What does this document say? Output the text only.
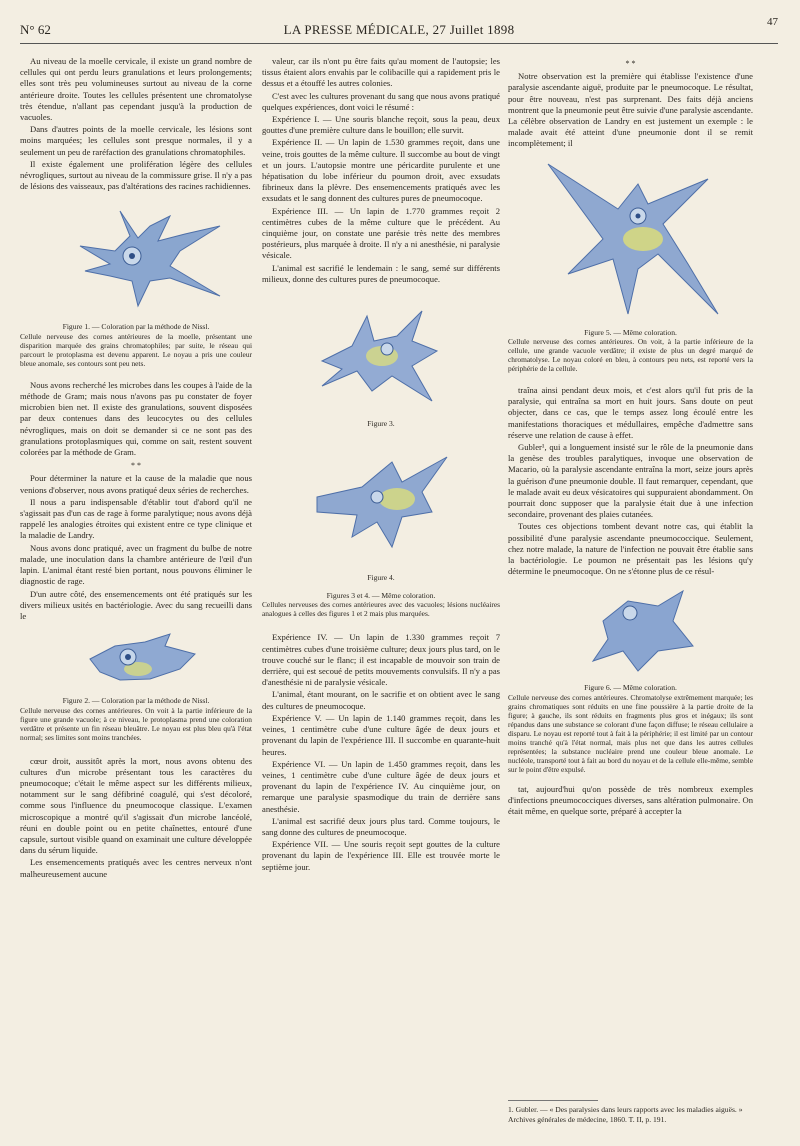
N° 62	LA PRESSE MÉDICALE, 27 Juillet 1898	47

Au niveau de la moelle cervicale, il existe un grand nombre de cellules qui ont perdu leurs granulations et leurs prolongements; elles sont très peu volumineuses surtout au niveau de la corne antérieure droite. Toutes les cellules présentent une chromatolyse très étendue, n'allant pas cependant jusqu'à la production de vacuoles.

Dans d'autres points de la moelle cervicale, les lésions sont moins marquées; les cellules sont presque normales, il y a seulement un peu de raréfaction des granulations chromatophiles.

Il existe également une prolifération légère des cellules névrogliques, surtout au niveau de la commissure grise. Il n'y a pas de lésions des vaisseaux, pas d'altérations des racines rachidiennes.

Figure 1. — Coloration par la méthode de Nissl.
Cellule nerveuse des cornes antérieures de la moelle, présentant une disparition marquée des grains chromatophiles; par suite, le réseau qui parcourt le protoplasma est devenu apparent. Le noyau a pris une couleur bleue anomale, ses contours sont peu nets.

Nous avons recherché les microbes dans les coupes à l'aide de la méthode de Gram; mais nous n'avons pas pu constater de foyer microbien bien net. Il existe des granulations, souvent disposées par deux contenues dans des leucocytes ou des cellules névrogliques, mais on doit se demander si ce ne sont pas des granulations protoplasmiques qui, comme on sait, restent souvent colorées par la méthode de Gram.

* *

Pour déterminer la nature et la cause de la maladie que nous venions d'observer, nous avons pratiqué deux séries de recherches.

Il nous a paru indispensable d'établir tout d'abord qu'il ne s'agissait pas d'un cas de rage à forme paralytique; nous avons déjà rappelé les analogies étroites qui existent entre ce type clinique et la maladie de Landry.

Nous avons donc pratiqué, avec un fragment du bulbe de notre malade, une inoculation dans la chambre antérieure de l'œil d'un lapin. L'animal étant resté bien portant, nous pouvons éliminer le diagnostic de rage.

D'un autre côté, des ensemencements ont été pratiqués sur les divers milieux usités en bactériologie. Avec du sang recueilli dans le

Figure 2. — Coloration par la méthode de Nissl.
Cellule nerveuse des cornes antérieures. On voit à la partie inférieure de la figure une grande vacuole; à ce niveau, le protoplasma prend une coloration verdâtre et présente un fin réseau bleuâtre. Le noyau est plus bleu qu'à l'état normal; ses limites sont moins tranchées.

cœur droit, aussitôt après la mort, nous avons obtenu des cultures d'un microbe présentant tous les caractères du pneumocoque; c'était le même aspect sur les différents milieux, notamment sur le sang défibriné coagulé, qui s'est décoloré, comme sous l'influence du pneumocoque classique. L'examen microscopique a montré qu'il s'agissait d'un microbe lancéolé, réuni en double point ou en petite chaînettes, entouré d'une capsule, surtout visible quand on examinait une culture développée dans du sérum liquide.

Les ensemencements pratiqués avec les centres nerveux n'ont malheureusement aucune

valeur, car ils n'ont pu être faits qu'au moment de l'autopsie; les tissus étaient alors envahis par le colibacille qui a rapidement pris le dessus et a étouffé les autres colonies.

C'est avec les cultures provenant du sang que nous avons pratiqué quelques expériences, dont voici le résumé :

Expérience I. — Une souris blanche reçoit, sous la peau, deux gouttes d'une première culture dans le bouillon; elle survit.

Expérience II. — Un lapin de 1.530 grammes reçoit, dans une veine, trois gouttes de la même culture. Il succombe au bout de vingt et un jours. L'autopsie montre une péricardite purulente et une hépatisation du lobe inférieur du poumon droit, avec exsudats fibrineux dans la plèvre. Des ensemencements pratiqués avec les exsudats et le sang donnent des cultures pures de pneumocoque.

Expérience III. — Un lapin de 1.770 grammes reçoit 2 centimètres cubes de la même culture que le précédent. Au cinquième jour, on constate une parésie très nette des membres postérieurs, plus marquée à droite. Il n'y a ni anesthésie, ni paralysie vésicale.

L'animal est sacrifié le lendemain : le sang, semé sur différents milieux, donne des cultures pures de pneumocoque.

Figure 3.
Figure 4.
Figures 3 et 4. — Même coloration.
Cellules nerveuses des cornes antérieures avec des vacuoles; lésions nucléaires analogues à celles des figures 1 et 2 mais plus marquées.

Expérience IV. — Un lapin de 1.330 grammes reçoit 7 centimètres cubes d'une troisième culture; deux jours plus tard, on le trouve couché sur le flanc; il est incapable de mouvoir son train de derrière, qui est secoué de petits mouvements convulsifs. Il n'y a pas d'anesthésie ni de paralysie vésicale.

L'animal, étant mourant, on le sacrifie et on obtient avec le sang des cultures de pneumocoque.

Expérience V. — Un lapin de 1.140 grammes reçoit, dans les veines, 1 centimètre cube d'une culture âgée de deux jours et provenant du lapin de l'expérience III. Il succombe en quarante-huit heures.

Expérience VI. — Un lapin de 1.450 grammes reçoit, dans les veines, 1 centimètre cube d'une culture âgée de deux jours et provenant du lapin de l'expérience IV. Au cinquième jour, on remarque une paralysie spasmodique du train de derrière sans anesthésie.

L'animal est sacrifié deux jours plus tard. Comme toujours, le sang donne des cultures de pneumocoque.

Expérience VII. — Une souris reçoit sept gouttes de la culture provenant du lapin de l'expérience III. Elle est trouvée morte le septième jour.

* *

Notre observation est la première qui établisse l'existence d'une paralysie ascendante aiguë, produite par le pneumocoque. Le résultat, pour être nouveau, n'est pas surprenant. Des faits déjà anciens montrent que la pneumonie peut être suivie d'une paralysie ascendante. La célèbre observation de Landry en est justement un exemple : le malade avait été atteint d'une pneumonie dont il se remit incomplètement; il

Figure 5. — Même coloration.
Cellule nerveuse des cornes antérieures. On voit, à la partie inférieure de la cellule, une grande vacuole verdâtre; il existe de plus un degré marqué de chromatolyse. Le noyau coloré en bleu, à contours peu nets, est reporté vers la périphérie de la cellule.

traîna ainsi pendant deux mois, et c'est alors qu'il fut pris de la paralysie, qui entraîna sa mort en huit jours. Sans doute on peut objecter, dans ce cas, que le temps assez long écoulé entre les manifestations thoraciques et médullaires, empêche d'admettre sans réserve une relation de cause à effet.

Gubler¹, qui a longuement insisté sur le rôle de la pneumonie dans la genèse des troubles paralytiques, invoque une observation de Macario, où la paralysie ascendante entraîna la mort, seize jours après la guérison d'une pneumonie double. Il faut remarquer, cependant, que le malade avait eu deux vésicatoires qui suppuraient abondamment. On pourrait donc supposer que la paralysie était due à une infection secondaire, provenant des plaies cutanées.

Toutes ces objections tombent devant notre cas, qui établit la possibilité d'une paralysie ascendante pneumococcique. Seulement, chez notre malade, la nature de l'infection ne pouvait être établie sans la bactériologie. Le poumon ne présentait pas les lésions qu'y détermine le pneumocoque. On ne s'étonne plus de ce résul-

Figure 6. — Même coloration.
Cellule nerveuse des cornes antérieures. Chromatolyse extrêmement marquée; les grains chromatiques sont réduits en une fine poussière à la partie droite de la figure; à gauche, ils sont réduits en fragments plus gros et inégaux; ils sont répandus dans une substance se colorant d'une façon diffuse; le réseau cellulaire a disparu. Le noyau est reporté tout à fait à la périphérie; il est limité par un contour moins tranché qu'à l'état normal, mais plus net que dans les autres cellules représentées; la substance nucléaire prend une couleur bleue anomale. Le nucléole, transporté tout à fait au bord du noyau et de la cellule elle-même, semble sur le point d'être expulsé.

tat, aujourd'hui qu'on possède de très nombreux exemples d'infections pneumococciques diverses, sans altération pulmonaire. On était même, en quelque sorte, préparé à accepter la

1. Gubler. — « Des paralysies dans leurs rapports avec les maladies aiguës. » Archives générales de médecine, 1860. T. II, p. 191.
